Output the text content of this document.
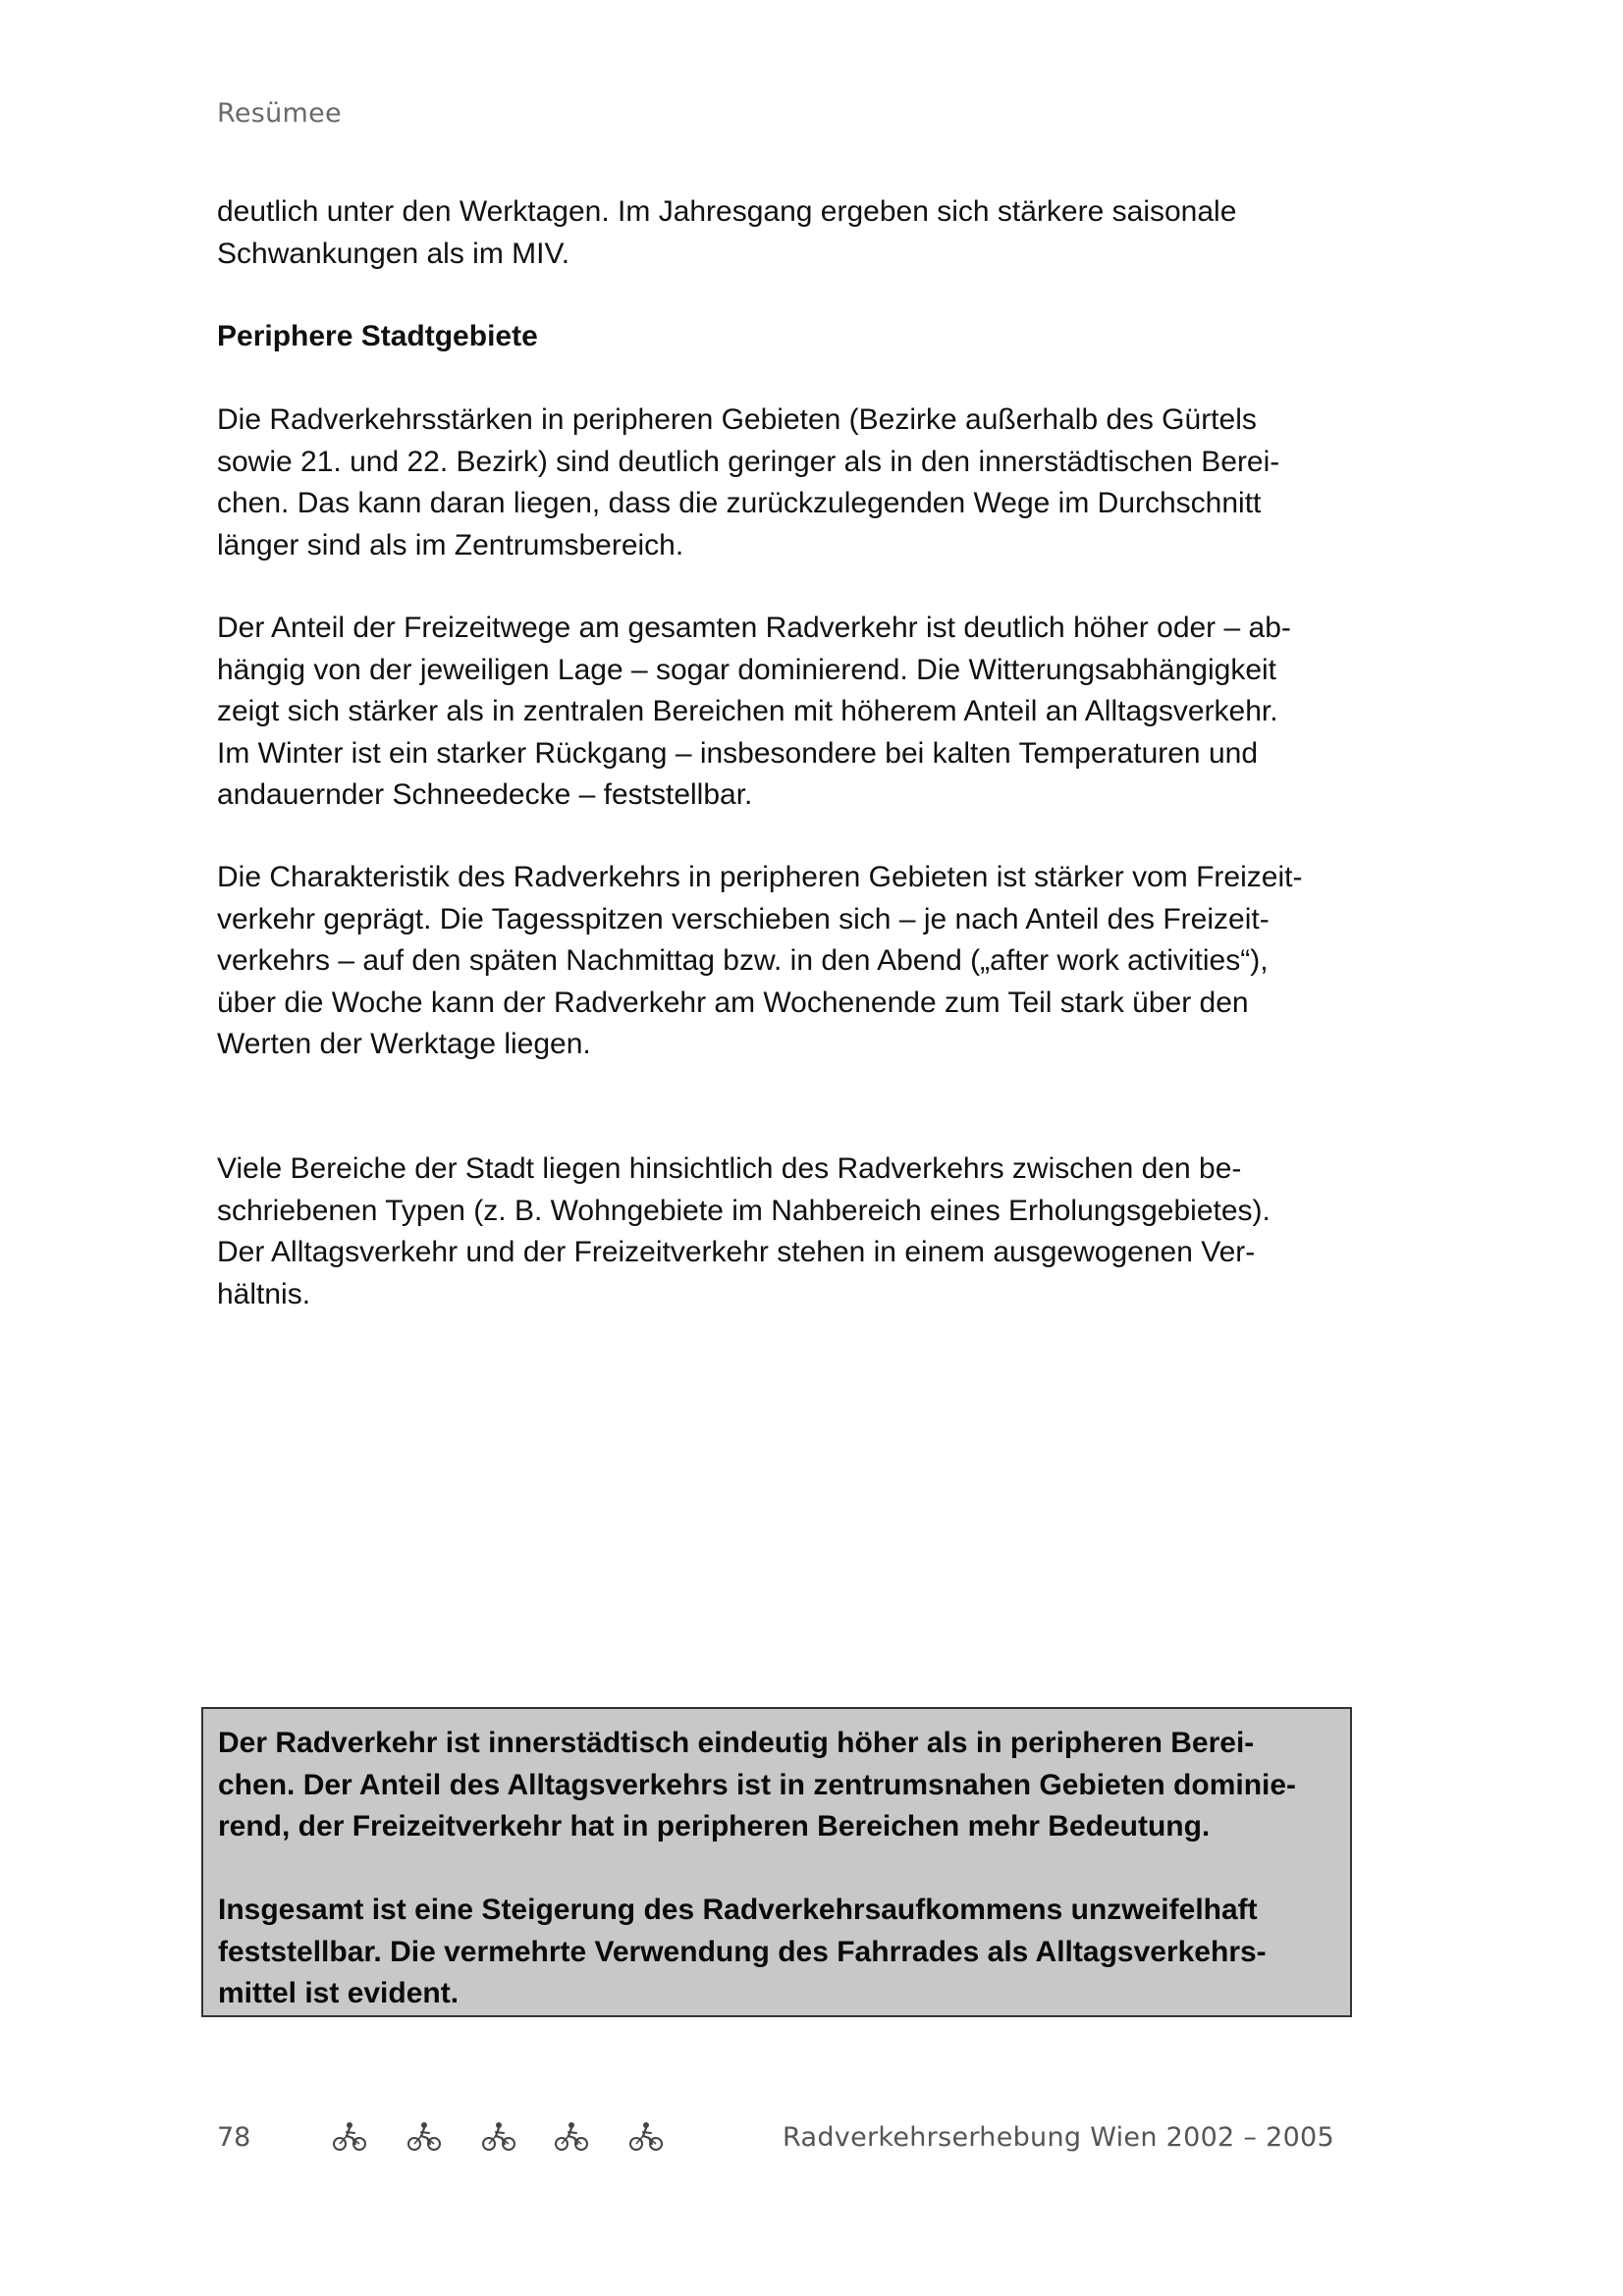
Resümee

deutlich unter den Werktagen. Im Jahresgang ergeben sich stärkere saisonale
Schwankungen als im MIV.

Periphere Stadtgebiete

Die Radverkehrsstärken in peripheren Gebieten (Bezirke außerhalb des Gürtels
sowie 21. und 22. Bezirk) sind deutlich geringer als in den innerstädtischen Berei-
chen. Das kann daran liegen, dass die zurückzulegenden Wege im Durchschnitt
länger sind als im Zentrumsbereich.

Der Anteil der Freizeitwege am gesamten Radverkehr ist deutlich höher oder – ab-
hängig von der jeweiligen Lage – sogar dominierend. Die Witterungsabhängigkeit
zeigt sich stärker als in zentralen Bereichen mit höherem Anteil an Alltagsverkehr.
Im Winter ist ein starker Rückgang – insbesondere bei kalten Temperaturen und
andauernder Schneedecke – feststellbar.

Die Charakteristik des Radverkehrs in peripheren Gebieten ist stärker vom Freizeit-
verkehr geprägt. Die Tagesspitzen verschieben sich – je nach Anteil des Freizeit-
verkehrs – auf den späten Nachmittag bzw. in den Abend („after work activities“),
über die Woche kann der Radverkehr am Wochenende zum Teil stark über den
Werten der Werktage liegen.

Viele Bereiche der Stadt liegen hinsichtlich des Radverkehrs zwischen den be-
schriebenen Typen (z. B. Wohngebiete im Nahbereich eines Erholungsgebietes).
Der Alltagsverkehr und der Freizeitverkehr stehen in einem ausgewogenen Ver-
hältnis.

Der Radverkehr ist innerstädtisch eindeutig höher als in peripheren Berei-
chen. Der Anteil des Alltagsverkehrs ist in zentrumsnahen Gebieten dominie-
rend, der Freizeitverkehr hat in peripheren Bereichen mehr Bedeutung.

Insgesamt ist eine Steigerung des Radverkehrsaufkommens unzweifelhaft
feststellbar. Die vermehrte Verwendung des Fahrrades als Alltagsverkehrs-
mittel ist evident.

78	Radverkehrserhebung Wien 2002 – 2005
